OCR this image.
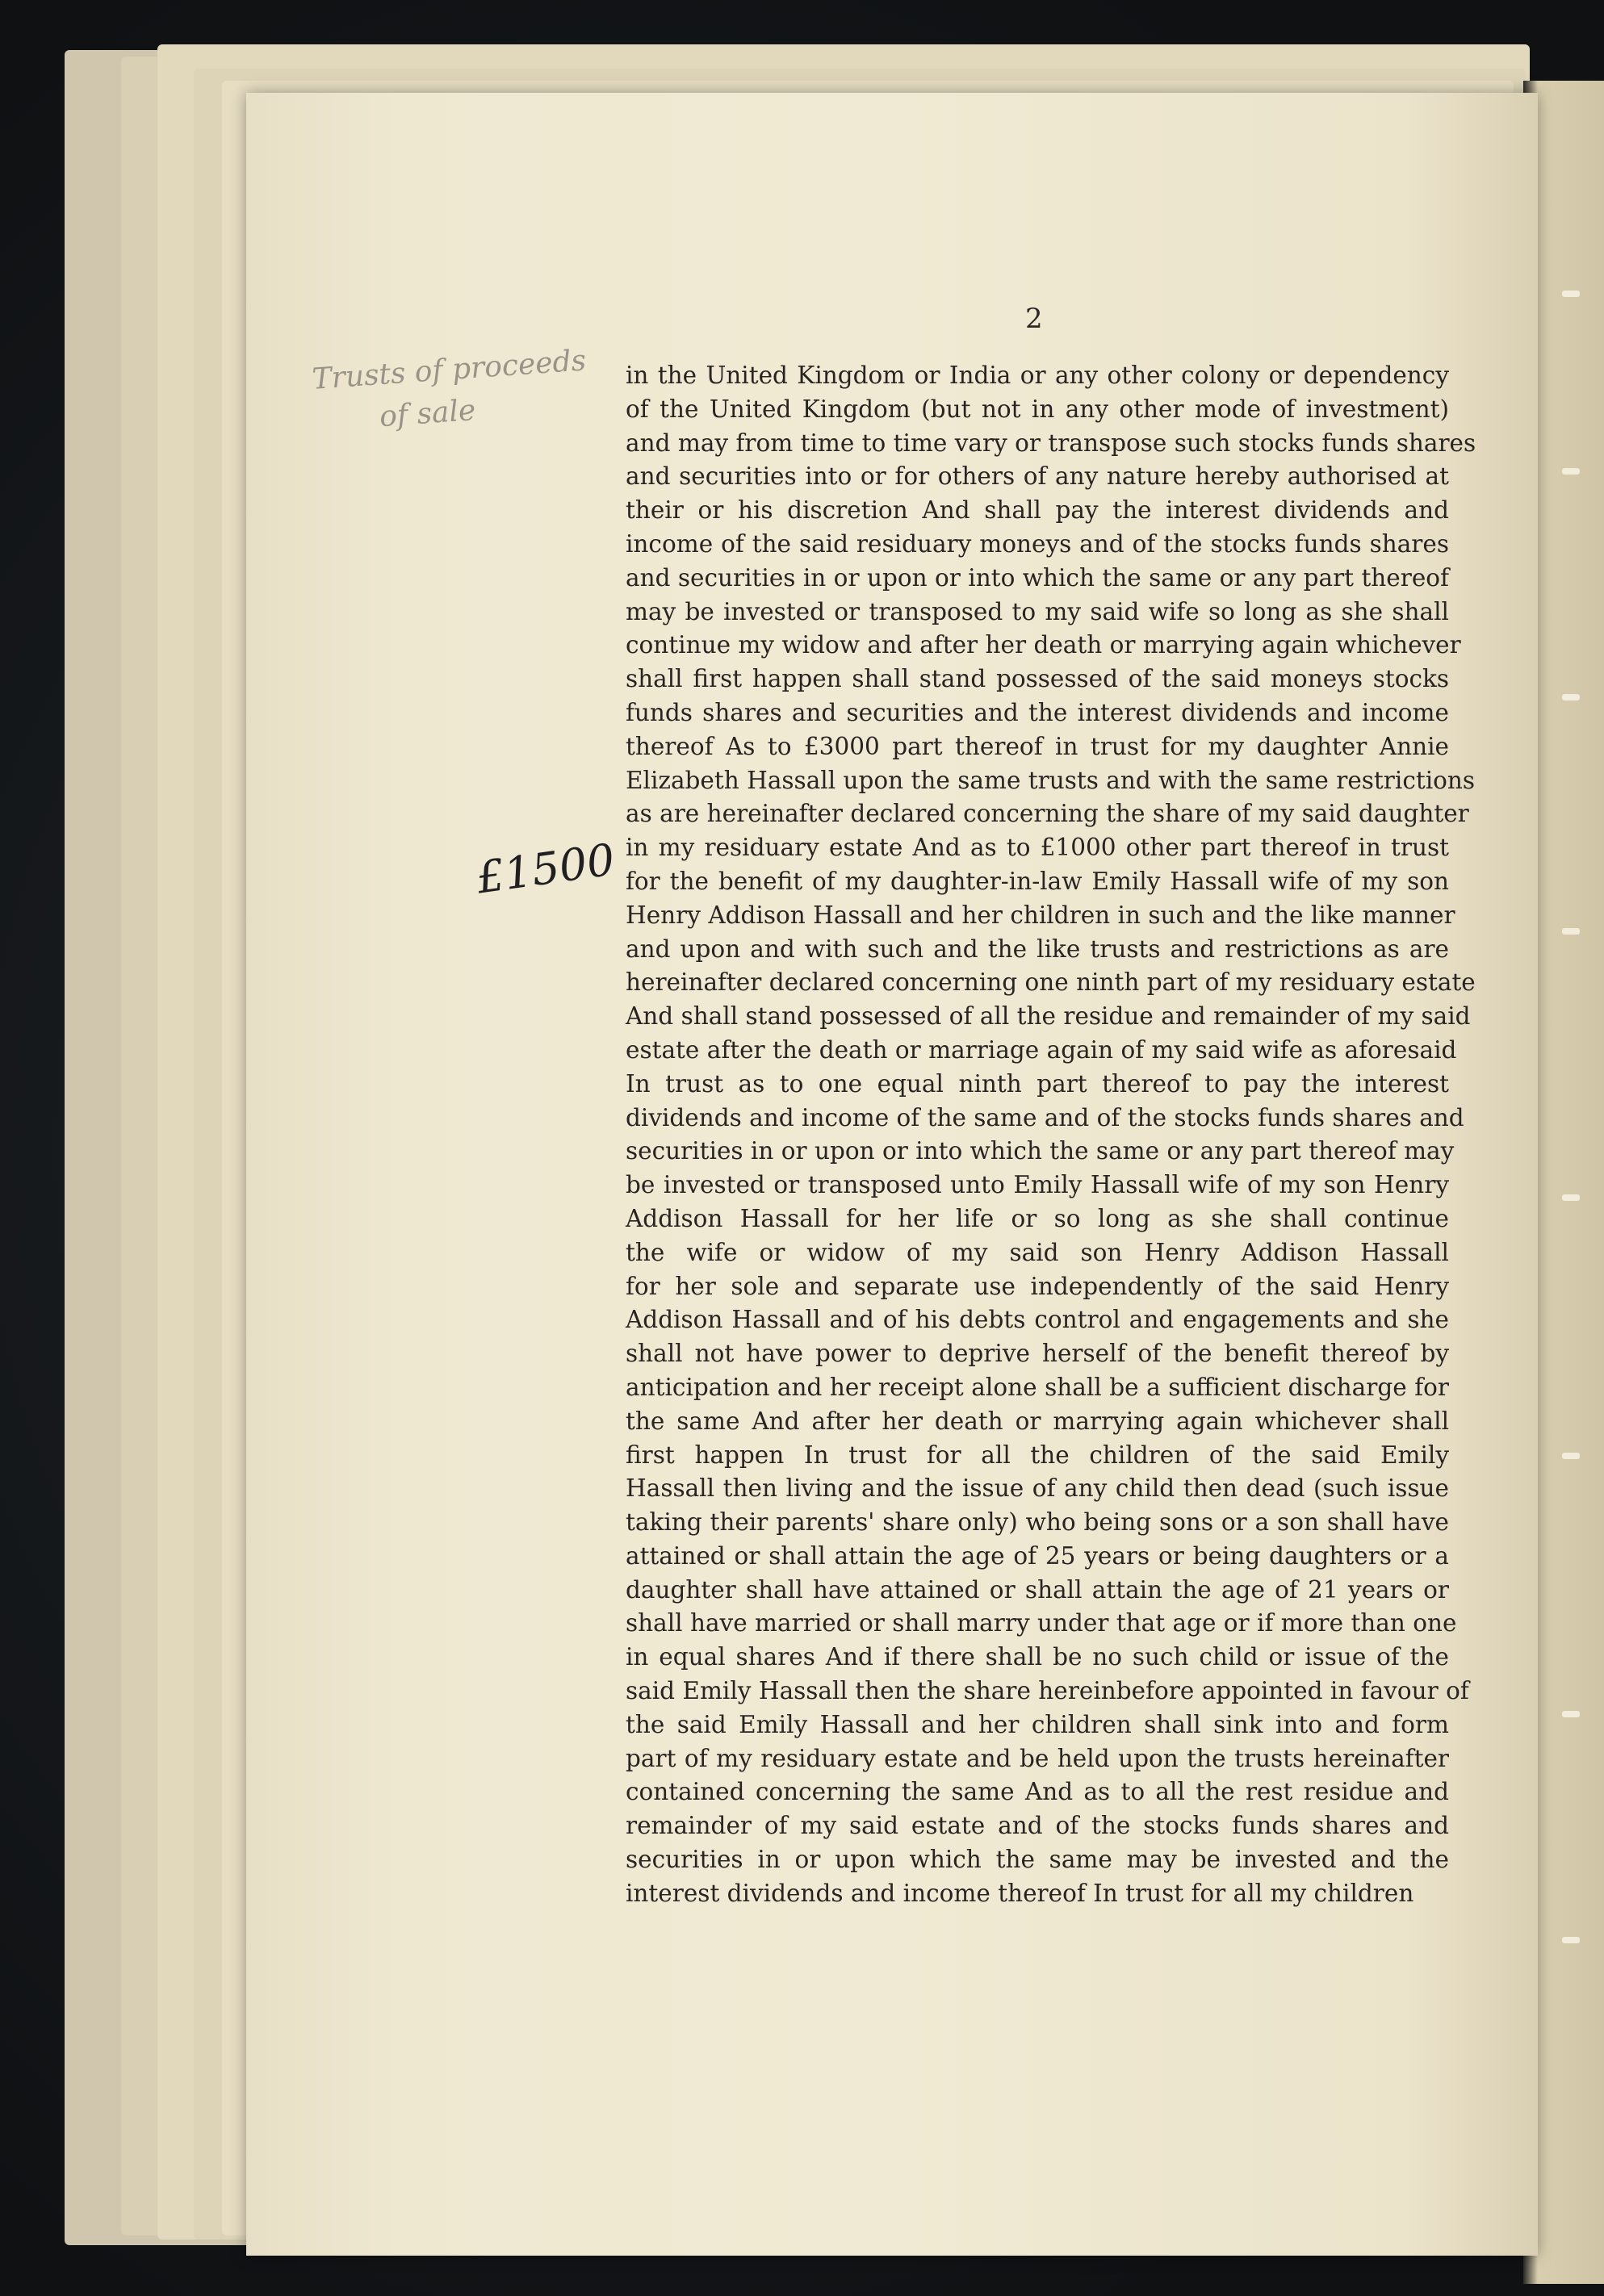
2
Trusts of proceeds
of sale
£1500
in the United Kingdom or India or any other colony or dependency
of the United Kingdom (but not in any other mode of investment)
and may from time to time vary or transpose such stocks funds shares
and securities into or for others of any nature hereby authorised at
their or his discretion And shall pay the interest dividends and
income of the said residuary moneys and of the stocks funds shares
and securities in or upon or into which the same or any part thereof
may be invested or transposed to my said wife so long as she shall
continue my widow and after her death or marrying again whichever
shall first happen shall stand possessed of the said moneys stocks
funds shares and securities and the interest dividends and income
thereof As to £3000 part thereof in trust for my daughter Annie
Elizabeth Hassall upon the same trusts and with the same restrictions
as are hereinafter declared concerning the share of my said daughter
in my residuary estate And as to £1000 other part thereof in trust
for the benefit of my daughter-in-law Emily Hassall wife of my son
Henry Addison Hassall and her children in such and the like manner
and upon and with such and the like trusts and restrictions as are
hereinafter declared concerning one ninth part of my residuary estate
And shall stand possessed of all the residue and remainder of my said
estate after the death or marriage again of my said wife as aforesaid
In trust as to one equal ninth part thereof to pay the interest
dividends and income of the same and of the stocks funds shares and
securities in or upon or into which the same or any part thereof may
be invested or transposed unto Emily Hassall wife of my son Henry
Addison Hassall for her life or so long as she shall continue
the wife or widow of my said son Henry Addison Hassall
for her sole and separate use independently of the said Henry
Addison Hassall and of his debts control and engagements and she
shall not have power to deprive herself of the benefit thereof by
anticipation and her receipt alone shall be a sufficient discharge for
the same And after her death or marrying again whichever shall
first happen In trust for all the children of the said Emily
Hassall then living and the issue of any child then dead (such issue
taking their parents' share only) who being sons or a son shall have
attained or shall attain the age of 25 years or being daughters or a
daughter shall have attained or shall attain the age of 21 years or
shall have married or shall marry under that age or if more than one
in equal shares And if there shall be no such child or issue of the
said Emily Hassall then the share hereinbefore appointed in favour of
the said Emily Hassall and her children shall sink into and form
part of my residuary estate and be held upon the trusts hereinafter
contained concerning the same And as to all the rest residue and
remainder of my said estate and of the stocks funds shares and
securities in or upon which the same may be invested and the
interest dividends and income thereof In trust for all my children
